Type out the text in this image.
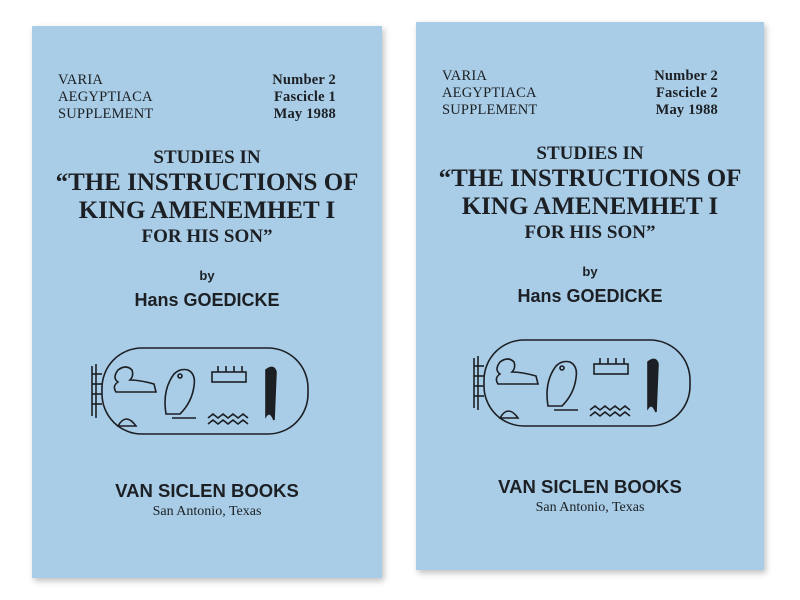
VARIA
AEGYPTIACA
SUPPLEMENT
Number 2
Fascicle 1
May 1988
STUDIES IN
“THE INSTRUCTIONS OF
KING AMENEMHET I
FOR HIS SON”
by
Hans GOEDICKE
VAN SICLEN BOOKS
San Antonio, Texas
VARIA
AEGYPTIACA
SUPPLEMENT
Number 2
Fascicle 2
May 1988
STUDIES IN
“THE INSTRUCTIONS OF
KING AMENEMHET I
FOR HIS SON”
by
Hans GOEDICKE
VAN SICLEN BOOKS
San Antonio, Texas
